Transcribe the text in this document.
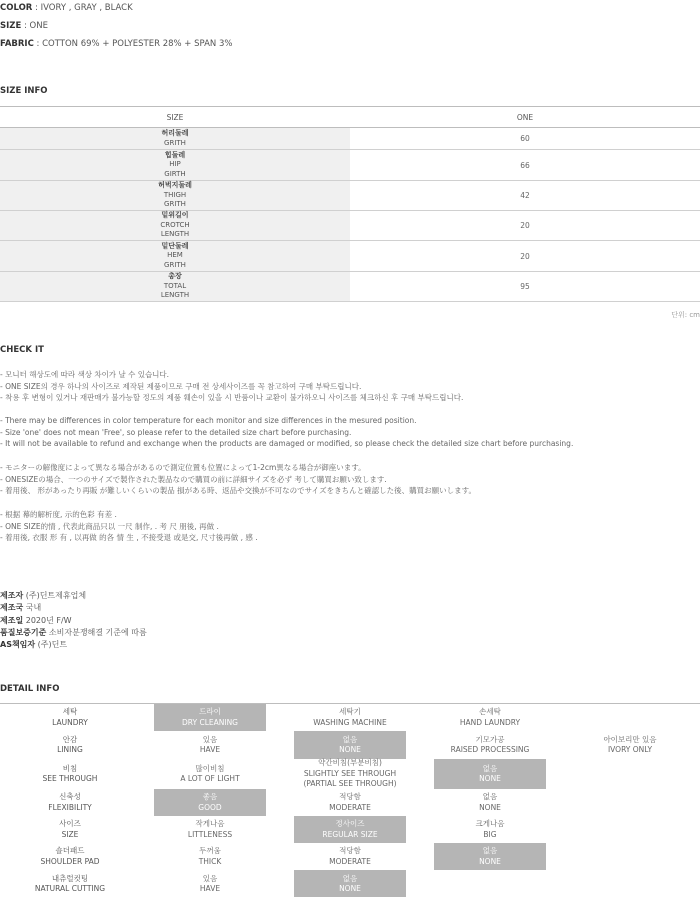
COLOR : IVORY , GRAY , BLACK
SIZE : ONE
FABRIC : COTTON 69% + POLYESTER 28% + SPAN 3%
SIZE INFO
SIZE	ONE
허리둘레
GRITH	60
힙둘레
HIP
GIRTH
66
허벅지둘레
THIGH
GRITH
42
밑위길이
CROTCH
LENGTH
20
밑단둘레
HEM
GRITH
20
총장
TOTAL
LENGTH
95
단위: cm
CHECK IT
- 모니터 해상도에 따라 색상 차이가 날 수 있습니다.
- ONE SIZE의 경우 하나의 사이즈로 제작된 제품이므로 구매 전 상세사이즈를 꼭 참고하여 구매 부탁드립니다.
- 착용 후 변형이 있거나 재판매가 불가능할 정도의 제품 훼손이 있을 시 반품이나 교환이 불가하오니 사이즈를 체크하신 후 구매 부탁드립니다.
- There may be differences in color temperature for each monitor and size differences in the mesured position.
- Size 'one' does not mean 'Free', so please refer to the detailed size chart before purchasing.
- It will not be available to refund and exchange when the products are damaged or modified, so please check the detailed size chart before purchasing.
- モニターの解像度によって異なる場合があるので測定位置も位置によって1-2cm異なる場合が御座います。
- ONESIZEの場合、一つのサイズで製作された製品なので購買の前に詳細サイズを必ず 考して購買お願い致します.
- 着用後、 形があったり再販 が難しいくらいの製品 損がある時、返品や交換が不可なのでサイズをきちんと確認した後、購買お願いします。
- 根据 幕的解析度, 示的色彩 有差 .
- ONE SIZE的情 , 代表此商品只以 一尺 制作, . 考 尺 朋後, 再做 .
- 着用後, 衣服 形 有 , 以再做 的各 情 生 , 不接受退 或是交, 尺寸後再做 , 感 .
제조자 (주)딘트제휴업체
제조국 국내
제조일 2020년 F/W
품질보증기준 소비자분쟁해결 기준에 따름
AS책임자 (주)딘트
DETAIL INFO
세탁
LAUNDRY
드라이
DRY CLEANING
세탁기
WASHING MACHINE
손세탁
HAND LAUNDRY
안감
LINING
있음
HAVE
없음
NONE
기모가공
RAISED PROCESSING
아이보리만 있음
IVORY ONLY
비침
SEE THROUGH
많이비침
A LOT OF LIGHT
약간비침(부분비침)
SLIGHTLY SEE THROUGH
(PARTIAL SEE THROUGH)
없음
NONE
신축성
FLEXIBILITY
좋음
GOOD
적당함
MODERATE
없음
NONE
사이즈
SIZE
작게나옴
LITTLENESS
정사이즈
REGULAR SIZE
크게나옴
BIG
숄더패드
SHOULDER PAD
두꺼움
THICK
적당함
MODERATE
없음
NONE
내츄럴컷팅
NATURAL CUTTING
있음
HAVE
없음
NONE
